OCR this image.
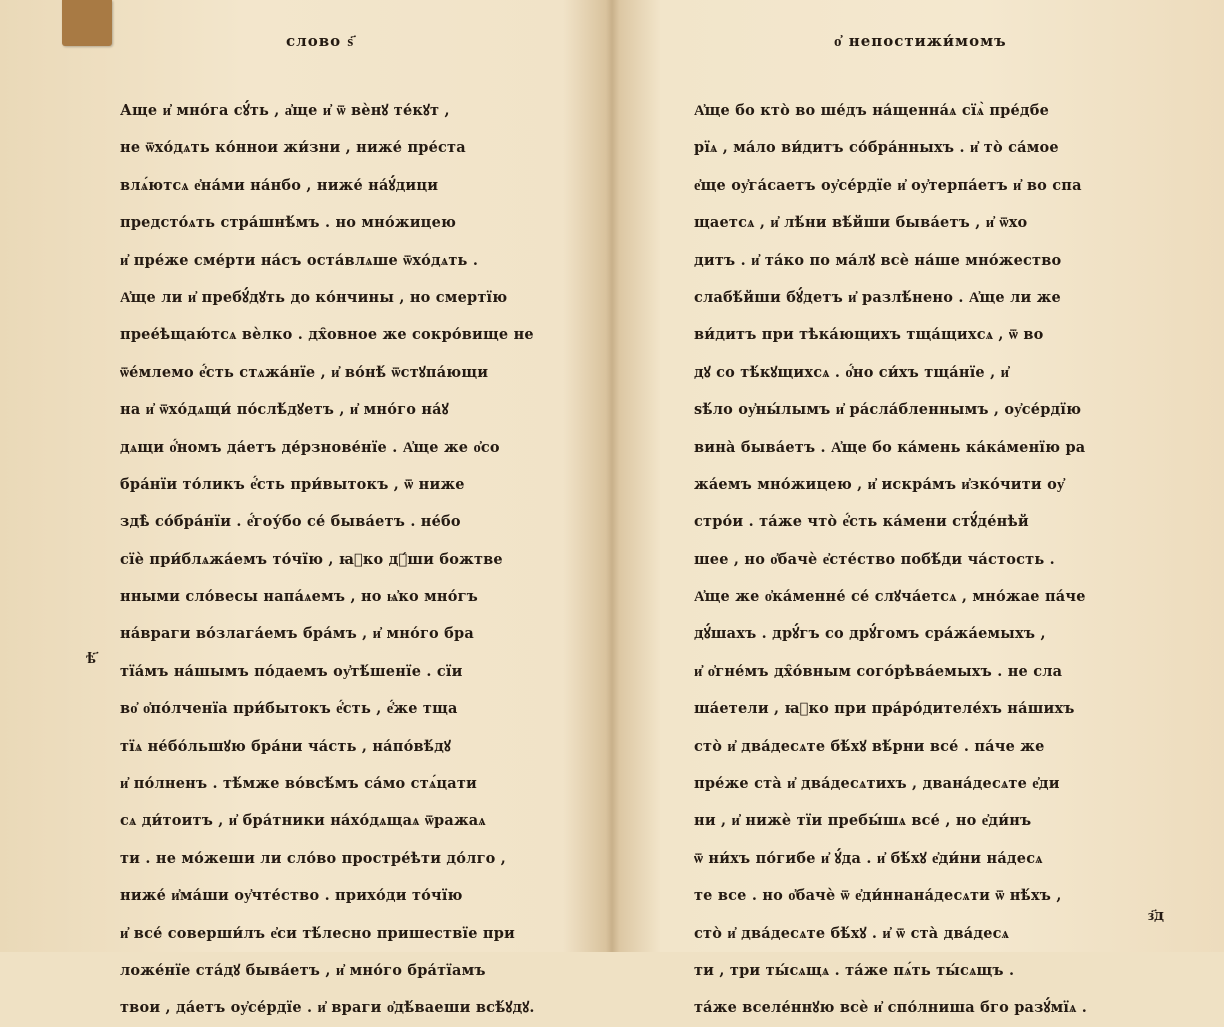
слово ѕ҃
Аще и҆ мно́га сꙋ́ть , а҆ще и҆ ѿ вѐнꙋ те́кꙋт ,
не ѿхо́дѧть ко́ннои жи́зни , ниже́ пре́ста
влѧ́ютсѧ е҆на́ми на́нбо , ниже́ на́ꙋ́дици
предсто́ѧть стра́шнѣ́мъ . но мно́жицею
и҆ пре́же сме́рти на́съ оста́влѧше ѿхо́дѧть .
А҆ще ли и҆ пребꙋ́дꙋть до ко́нчины , но смертїю
прее́ѣщаю́тсѧ вѐлко . дх̑овное же сокро́вище не
ѿе́млемо е҆́сть стѧжа́нїе , и҆ во́нѣ́ ѿстꙋпа́ющи
на и҆ ѿхо́дѧщи́ по́слѣ́дꙋетъ , и҆ мно́го на́ꙋ
дѧщи о҆́номъ да́етъ де́рзнове́нїе . А҆ще же о҆со
бра́нїи то́ликъ е҆́сть при́вытокъ , ѿ ниже
здѣ̀ со́бра́нїи . е҆́гоу́бо се́ быва́етъ . не́бо
сїѐ при́блѧжа́емъ то́чїю , ꙗ҆ко дꙋ́ши божтве
нными сло́весы напа́ѧемъ , но ѩ҆ко мно́гъ
на́враги во́злага́емъ бра́мъ , и҆ мно́го бра
тїа́мъ на́шымъ по́даемъ оу҆тѣ́шенїе . сїи
во҆ о҆по́лченїа при́бытокъ е҆́сть , е҆́же тща
тїѧ не́бо́льшꙋю бра́ни ча́сть , на́по́вѣ́дꙋ
и҆ по́лненъ . тѣ́мже во́всѣ́мъ са́мо стѧ́цати
сѧ ди́тоитъ , и҆ бра́тники на́хо́дѧщаѧ ѿражаѧ
ти . не мо́жеши ли сло́во простре́ѣти до́лго ,
ниже́ и҆ма́ши оу҆чте́ство . прихо́ди то́чїю
и҆ все́ соверши́лъ е҆си тѣ́лесно пришествїе при
ложе́нїе ста́дꙋ быва́етъ , и҆ мно́го бра́тїамъ
твои , да́етъ оу҆се́рдїе . и҆ враги о҆дѣ́ваеши всѣ́ꙋдꙋ.
ѣ҃
о҆ непостижи́момъ
А҆ще бо кто̀ во ше́дъ на́щенна́ѧ сїѧ̀ пре́дбе
рїѧ , ма́ло ви́дитъ со́бра́нныхъ . и҆ то̀ са́мое
е҆ще оу҆га́саетъ оу҆се́рдїе и҆ оу҆терпа́етъ и҆ во спа
щаетсѧ , и҆ лѣ́ни вѣ́йши быва́етъ , и҆ ѿхо
дитъ . и҆ та́ко по ма́лꙋ всѐ на́ше мно́жество
слабѣ́йши бꙋ́детъ и҆ разлѣ́нено . А҆ще ли же
ви́дитъ при тѣка́ющихъ тща́щихсѧ , ѿ во
дꙋ со тѣ́кꙋщихсѧ . о҆́но си́хъ тща́нїе , и҆
ѕѣ́ло оу҆ны́лымъ и҆ ра́сла́бленнымъ , оу҆се́рдїю
вина̀ быва́етъ . А҆ще бо ка́мень ка́ка́менїю ра
жа́емъ мно́жицею , и҆ искра́мъ и҆зко́чити оу҆
стро́и . та́же что̀ е҆́сть ка́мени стꙋ́де́нѣй
шее , но о҆бачѐ е҆сте́ство побѣ́ди ча́стость .
А҆ще же о҆ка́менне́ се́ слꙋча́етсѧ , мно́жае па́че
дꙋ́шахъ . дрꙋ́гъ со дрꙋ́гомъ сра́жа́емыхъ ,
и҆ о҆гне́мъ дх̑о́вным сого́рѣва́емыхъ . не сла
ша́етели , ꙗ҆ко при пра́ро́дителе́хъ на́шихъ
сто̀ и҆ два́десѧте бѣ́хꙋ вѣ́рни все́ . па́че же
пре́же ста̀ и҆ два́десѧтихъ , двана́десѧте е҆ди
ни , и҆ нижѐ тїи пребы́шѧ все́ , но е҆ди́нъ
ѿ ни́хъ по́гибе и҆ ꙋ́да . и҆ бѣ́хꙋ е҆ди́ни на́десѧ
те все . но о҆бачѐ ѿ е҆ди́ннана́десѧти ѿ нѣ́хъ ,
сто̀ и҆ два́десѧте бѣ́хꙋ . и҆ ѿ ста̀ два́десѧ
ти , три ты́сѧщѧ . та́же пѧ́ть ты́сѧщъ .
та́же вселе́ннꙋю всѐ и҆ спо́лниша бго разꙋ́мїѧ .
з҃д
